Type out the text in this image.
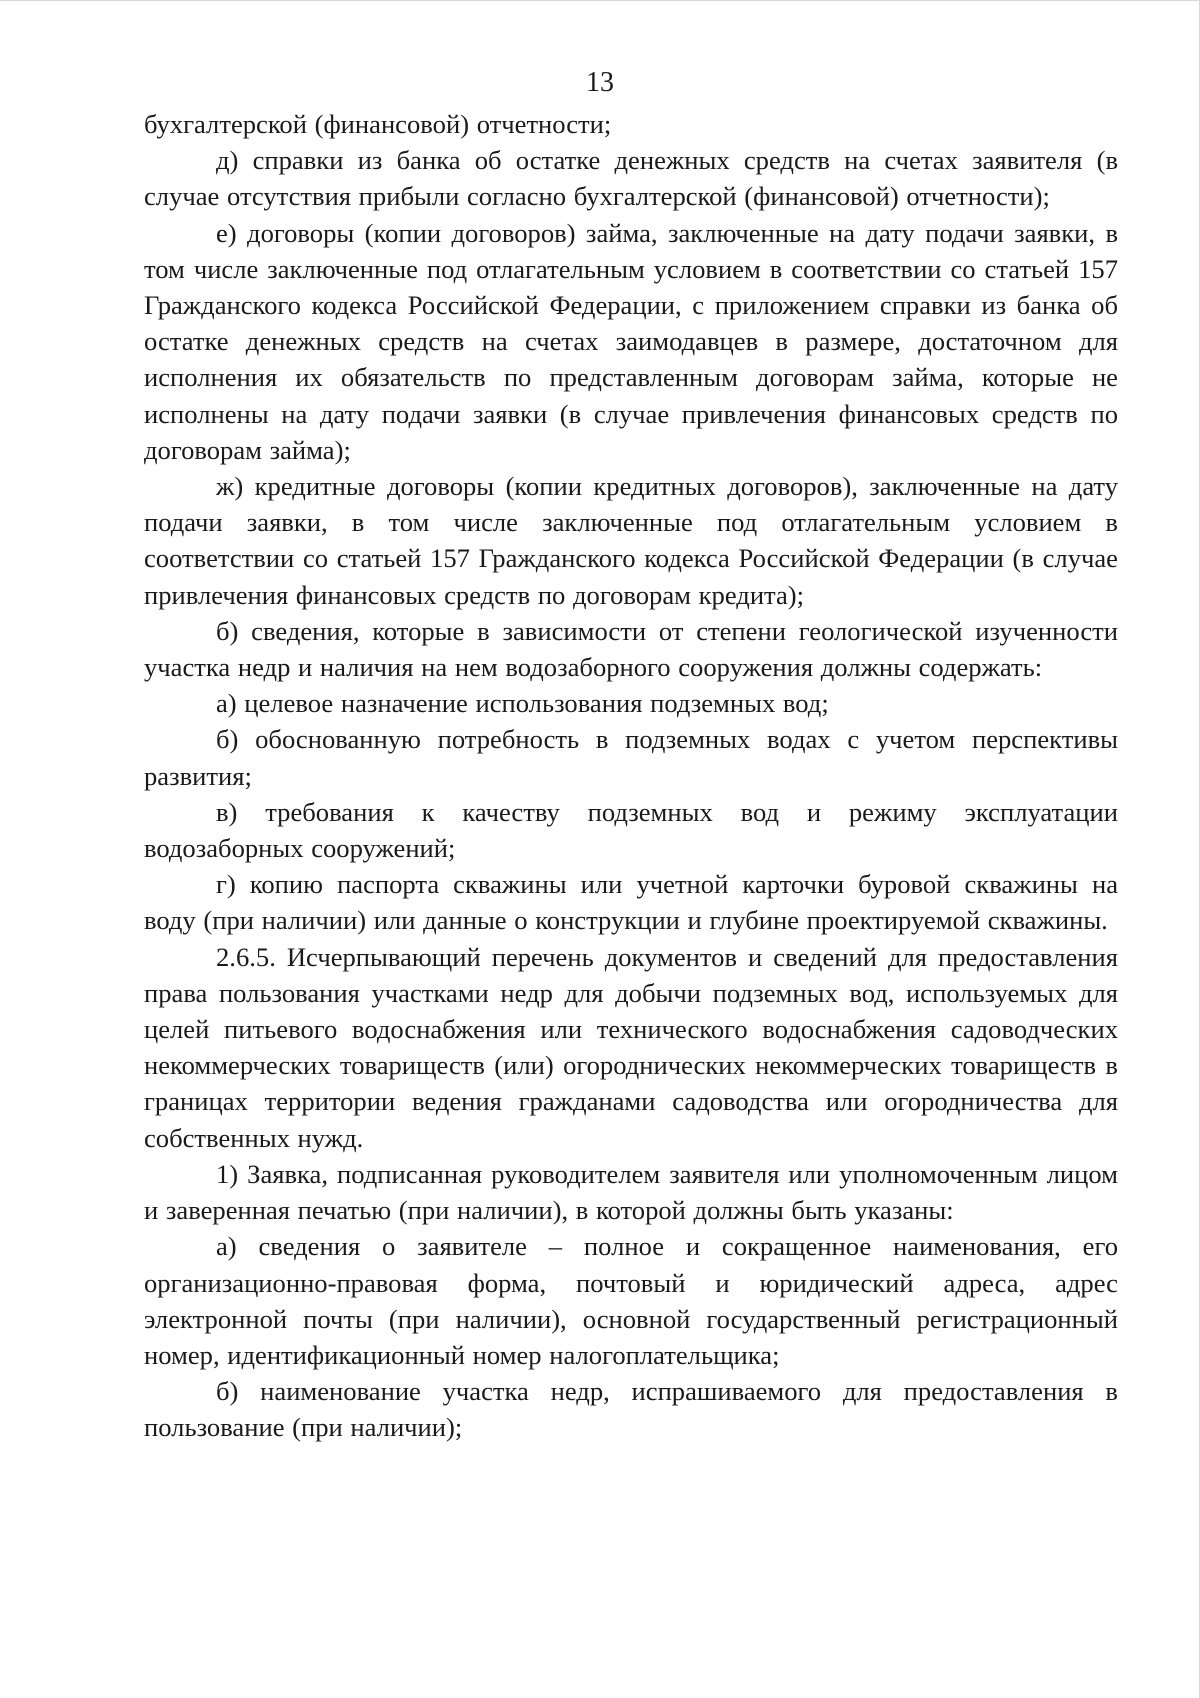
13

бухгалтерской (финансовой) отчетности;

д) справки из банка об остатке денежных средств на счетах заявителя (в случае отсутствия прибыли согласно бухгалтерской (финансовой) отчетности);

е) договоры (копии договоров) займа, заключенные на дату подачи заявки, в том числе заключенные под отлагательным условием в соответствии со статьей 157 Гражданского кодекса Российской Федерации, с приложением справки из банка об остатке денежных средств на счетах заимодавцев в размере, достаточном для исполнения их обязательств по представленным договорам займа, которые не исполнены на дату подачи заявки (в случае привлечения финансовых средств по договорам займа);

ж) кредитные договоры (копии кредитных договоров), заключенные на дату подачи заявки, в том числе заключенные под отлагательным условием в соответствии со статьей 157 Гражданского кодекса Российской Федерации (в случае привлечения финансовых средств по договорам кредита);

б) сведения, которые в зависимости от степени геологической изученности участка недр и наличия на нем водозаборного сооружения должны содержать:

а) целевое назначение использования подземных вод;

б) обоснованную потребность в подземных водах с учетом перспективы развития;

в) требования к качеству подземных вод и режиму эксплуатации водозаборных сооружений;

г) копию паспорта скважины или учетной карточки буровой скважины на воду (при наличии) или данные о конструкции и глубине проектируемой скважины.

2.6.5. Исчерпывающий перечень документов и сведений для предоставления права пользования участками недр для добычи подземных вод, используемых для целей питьевого водоснабжения или технического водоснабжения садоводческих некоммерческих товариществ (или) огороднических некоммерческих товариществ в границах территории ведения гражданами садоводства или огородничества для собственных нужд.

1) Заявка, подписанная руководителем заявителя или уполномоченным лицом и заверенная печатью (при наличии), в которой должны быть указаны:

а) сведения о заявителе – полное и сокращенное наименования, его организационно-правовая форма, почтовый и юридический адреса, адрес электронной почты (при наличии), основной государственный регистрационный номер, идентификационный номер налогоплательщика;

б) наименование участка недр, испрашиваемого для предоставления в пользование (при наличии);
